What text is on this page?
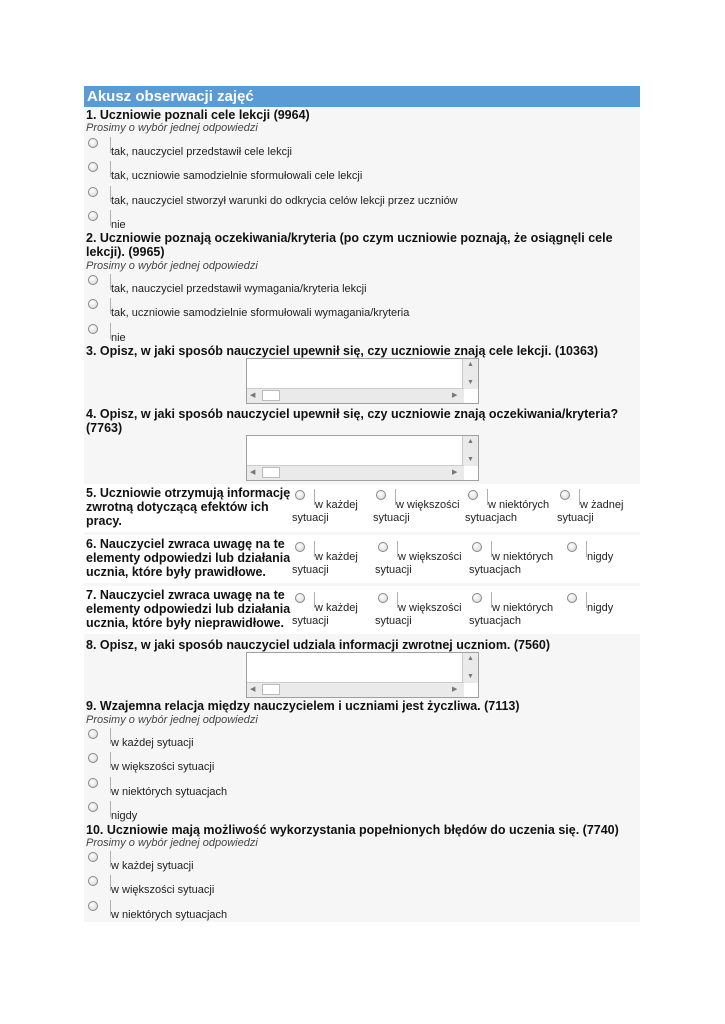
Akusz obserwacji zajęć
1. Uczniowie poznali cele lekcji (9964)
Prosimy o wybór jednej odpowiedzi
2. Uczniowie poznają oczekiwania/kryteria (po czym uczniowie poznają, że osiągnęli cele
lekcji). (9965)
Prosimy o wybór jednej odpowiedzi
3. Opisz, w jaki sposób nauczyciel upewnił się, czy uczniowie znają cele lekcji. (10363)
▲
▼
◀	▶
4. Opisz, w jaki sposób nauczyciel upewnił się, czy uczniowie znają oczekiwania/kryteria?
(7763)
▲
▼
◀	▶
5. Uczniowie otrzymują informację
zwrotną dotyczącą efektów ich
pracy.
6. Nauczyciel zwraca uwagę na te
elementy odpowiedzi lub działania
ucznia, które były prawidłowe.
7. Nauczyciel zwraca uwagę na te
elementy odpowiedzi lub działania
ucznia, które były nieprawidłowe.
8. Opisz, w jaki sposób nauczyciel udziala informacji zwrotnej uczniom. (7560)
▲
▼
◀	▶
9. Wzajemna relacja między nauczycielem i uczniami jest życzliwa. (7113)
Prosimy o wybór jednej odpowiedzi
10. Uczniowie mają możliwość wykorzystania popełnionych błędów do uczenia się. (7740)
Prosimy o wybór jednej odpowiedzi
tak, nauczyciel przedstawił cele lekcji
tak, uczniowie samodzielnie sformułowali cele lekcji
tak, nauczyciel stworzył warunki do odkrycia celów lekcji przez uczniów
nie
tak, nauczyciel przedstawił wymagania/kryteria lekcji
tak, uczniowie samodzielnie sformułowali wymagania/kryteria
nie
w każdej
sytuacji
w większości
sytuacji
w niektórych
sytuacjach
w żadnej
sytuacji
w każdej
sytuacji
w większości
sytuacji
w niektórych
sytuacjach
nigdy
w każdej
sytuacji
w większości
sytuacji
w niektórych
sytuacjach
nigdy
w każdej sytuacji
w większości sytuacji
w niektórych sytuacjach
nigdy
w każdej sytuacji
w większości sytuacji
w niektórych sytuacjach
